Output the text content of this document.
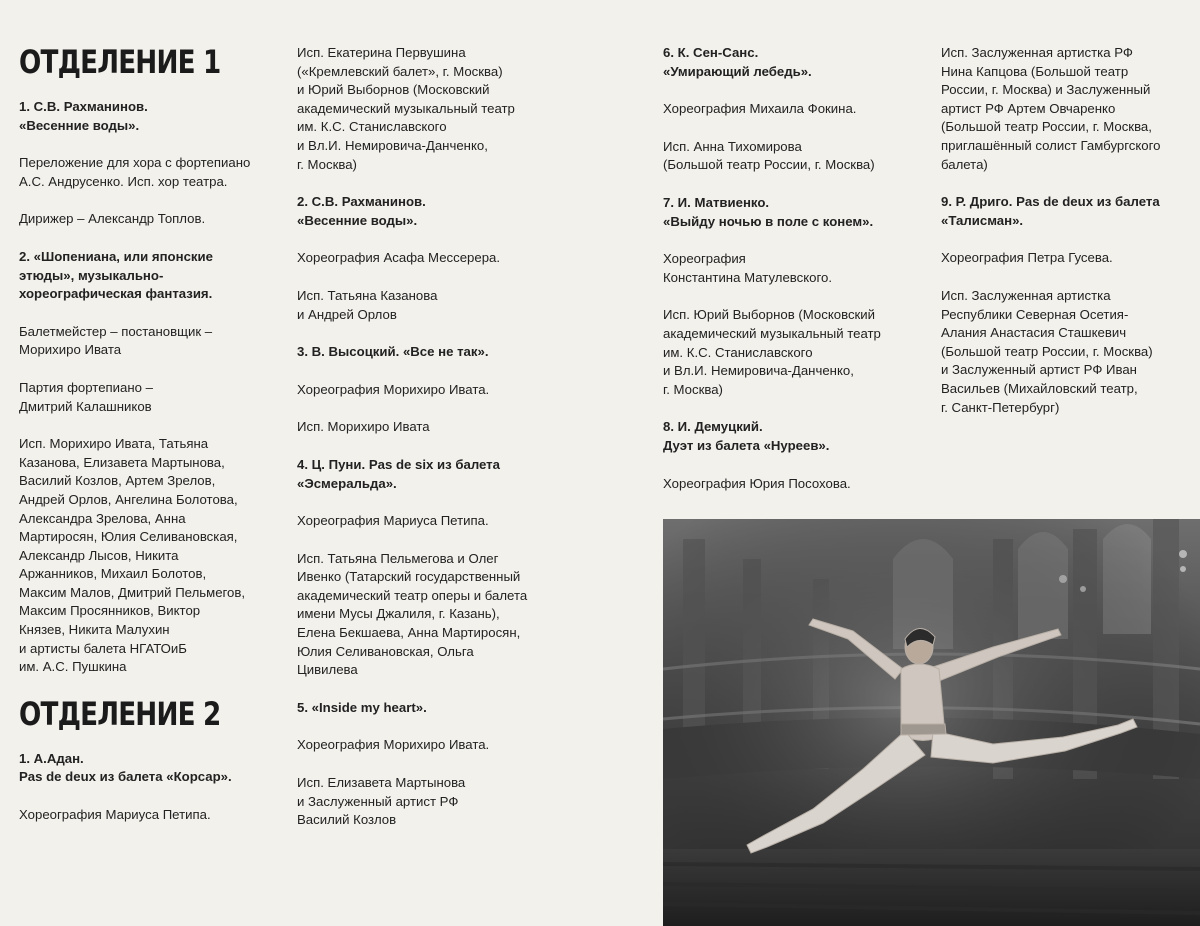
ОТДЕЛЕНИЕ 1

1. С.В. Рахманинов.
«Весенние воды».

Переложение для хора с фортепиано
А.С. Андрусенко. Исп. хор театра.

Дирижер – Александр Топлов.

2. «Шопениана, или японские
этюды», музыкально-
хореографическая фантазия.

Балетмейстер – постановщик –
Морихиро Ивата

Партия фортепиано –
Дмитрий Калашников

Исп. Морихиро Ивата, Татьяна
Казанова, Елизавета Мартынова,
Василий Козлов, Артем Зрелов,
Андрей Орлов, Ангелина Болотова,
Александра Зрелова, Анна
Мартиросян, Юлия Селивановская,
Александр Лысов, Никита
Аржанников, Михаил Болотов,
Максим Малов, Дмитрий Пельмегов,
Максим Просянников, Виктор
Князев, Никита Малухин
и артисты балета НГАТОиБ
им. А.С. Пушкина

ОТДЕЛЕНИЕ 2

1. А.Адан.
Pas de deux из балета «Корсар».

Хореография Мариуса Петипа.

Исп. Екатерина Первушина
(«Кремлевский балет», г. Москва)
и Юрий Выборнов (Московский
академический музыкальный театр
им. К.С. Станиславского
и Вл.И. Немировича-Данченко,
г. Москва)

2. С.В. Рахманинов.
«Весенние воды».

Хореография Асафа Мессерера.

Исп. Татьяна Казанова
и Андрей Орлов

3. В. Высоцкий. «Все не так».

Хореография Морихиро Ивата.

Исп. Морихиро Ивата

4. Ц. Пуни. Pas de six из балета
«Эсмеральда».

Хореография Мариуса Петипа.

Исп. Татьяна Пельмегова и Олег
Ивенко (Татарский государственный
академический театр оперы и балета
имени Мусы Джалиля, г. Казань),
Елена Бекшаева, Анна Мартиросян,
Юлия Селивановская, Ольга
Цивилева

5. «Inside my heart».

Хореография Морихиро Ивата.

Исп. Елизавета Мартынова
и Заслуженный артист РФ
Василий Козлов

6. К. Сен-Санс.
«Умирающий лебедь».

Хореография Михаила Фокина.

Исп. Анна Тихомирова
(Большой театр России, г. Москва)

7. И. Матвиенко.
«Выйду ночью в поле с конем».

Хореография
Константина Матулевского.

Исп. Юрий Выборнов (Московский
академический музыкальный театр
им. К.С. Станиславского
и Вл.И. Немировича-Данченко,
г. Москва)

8. И. Демуцкий.
Дуэт из балета «Нуреев».

Хореография Юрия Посохова.

Исп. Заслуженная артистка РФ
Нина Капцова (Большой театр
России, г. Москва) и Заслуженный
артист РФ Артем Овчаренко
(Большой театр России, г. Москва,
приглашённый солист Гамбургского
балета)

9. Р. Дриго. Pas de deux из балета
«Талисман».

Хореография Петра Гусева.

Исп. Заслуженная артистка
Республики Северная Осетия-
Алания Анастасия Сташкевич
(Большой театр России, г. Москва)
и Заслуженный артист РФ Иван
Васильев (Михайловский театр,
г. Санкт-Петербург)
